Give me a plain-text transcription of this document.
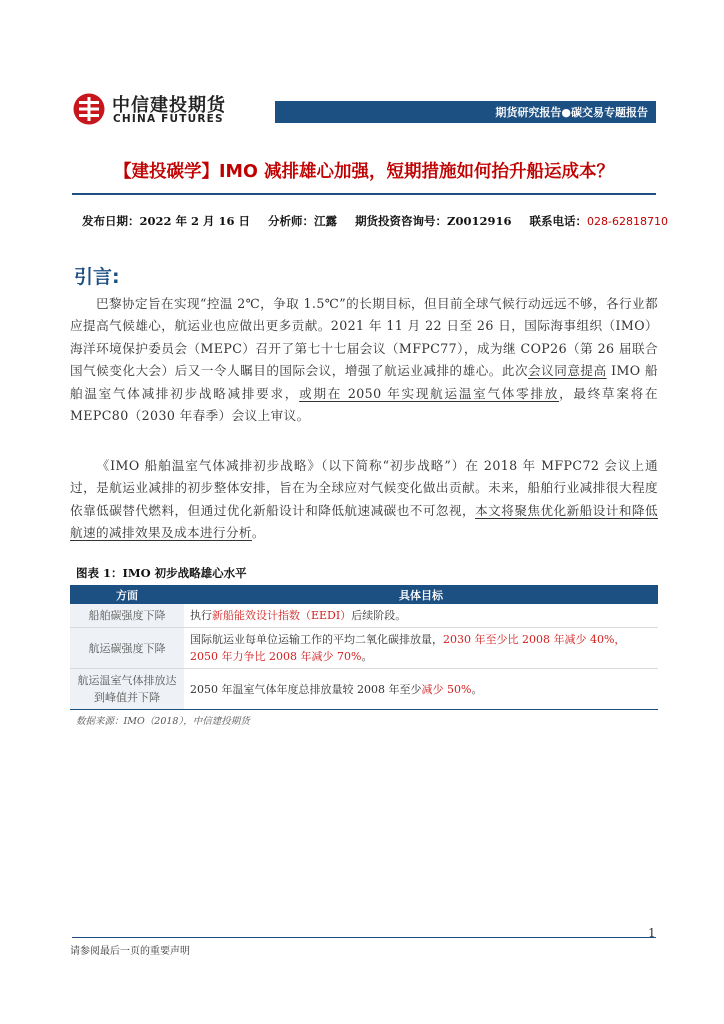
中信建投期货
CHINA FUTURES	期货研究报告●碳交易专题报告
【建投碳学】IMO 减排雄心加强，短期措施如何抬升船运成本？
发布日期：2022 年 2 月 16 日 分析师：江露 期货投资咨询号：Z0012916 联系电话：028-62818710
引言:
巴黎协定旨在实现“控温 2℃，争取 1.5℃”的长期目标，但目前全球气候行动远远不够，各行业都应提高气候雄心，航运业也应做出更多贡献。2021 年 11 月 22 日至 26 日，国际海事组织（IMO）海洋环境保护委员会（MEPC）召开了第七十七届会议（MFPC77），成为继 COP26（第 26 届联合国气候变化大会）后又一令人瞩目的国际会议，增强了航运业减排的雄心。此次会议同意提高 IMO 船舶温室气体减排初步战略减排要求，或期在 2050 年实现航运温室气体零排放，最终草案将在 MEPC80（2030 年春季）会议上审议。
《IMO 船舶温室气体减排初步战略》（以下简称“初步战略”）在 2018 年 MFPC72 会议上通过，是航运业减排的初步整体安排，旨在为全球应对气候变化做出贡献。未来，船舶行业减排很大程度依靠低碳替代燃料，但通过优化新船设计和降低航速减碳也不可忽视，本文将聚焦优化新船设计和降低航速的减排效果及成本进行分析。
图表 1：IMO 初步战略雄心水平
方面	具体目标
船舶碳强度下降	执行新船能效设计指数（EEDI）后续阶段。
航运碳强度下降	国际航运业每单位运输工作的平均二氧化碳排放量，2030 年至少比 2008 年减少 40%，2050 年力争比 2008 年减少 70%。
航运温室气体排放达到峰值并下降	2050 年温室气体年度总排放量较 2008 年至少减少 50%。
数据来源：IMO（2018），中信建投期货
1
请参阅最后一页的重要声明
